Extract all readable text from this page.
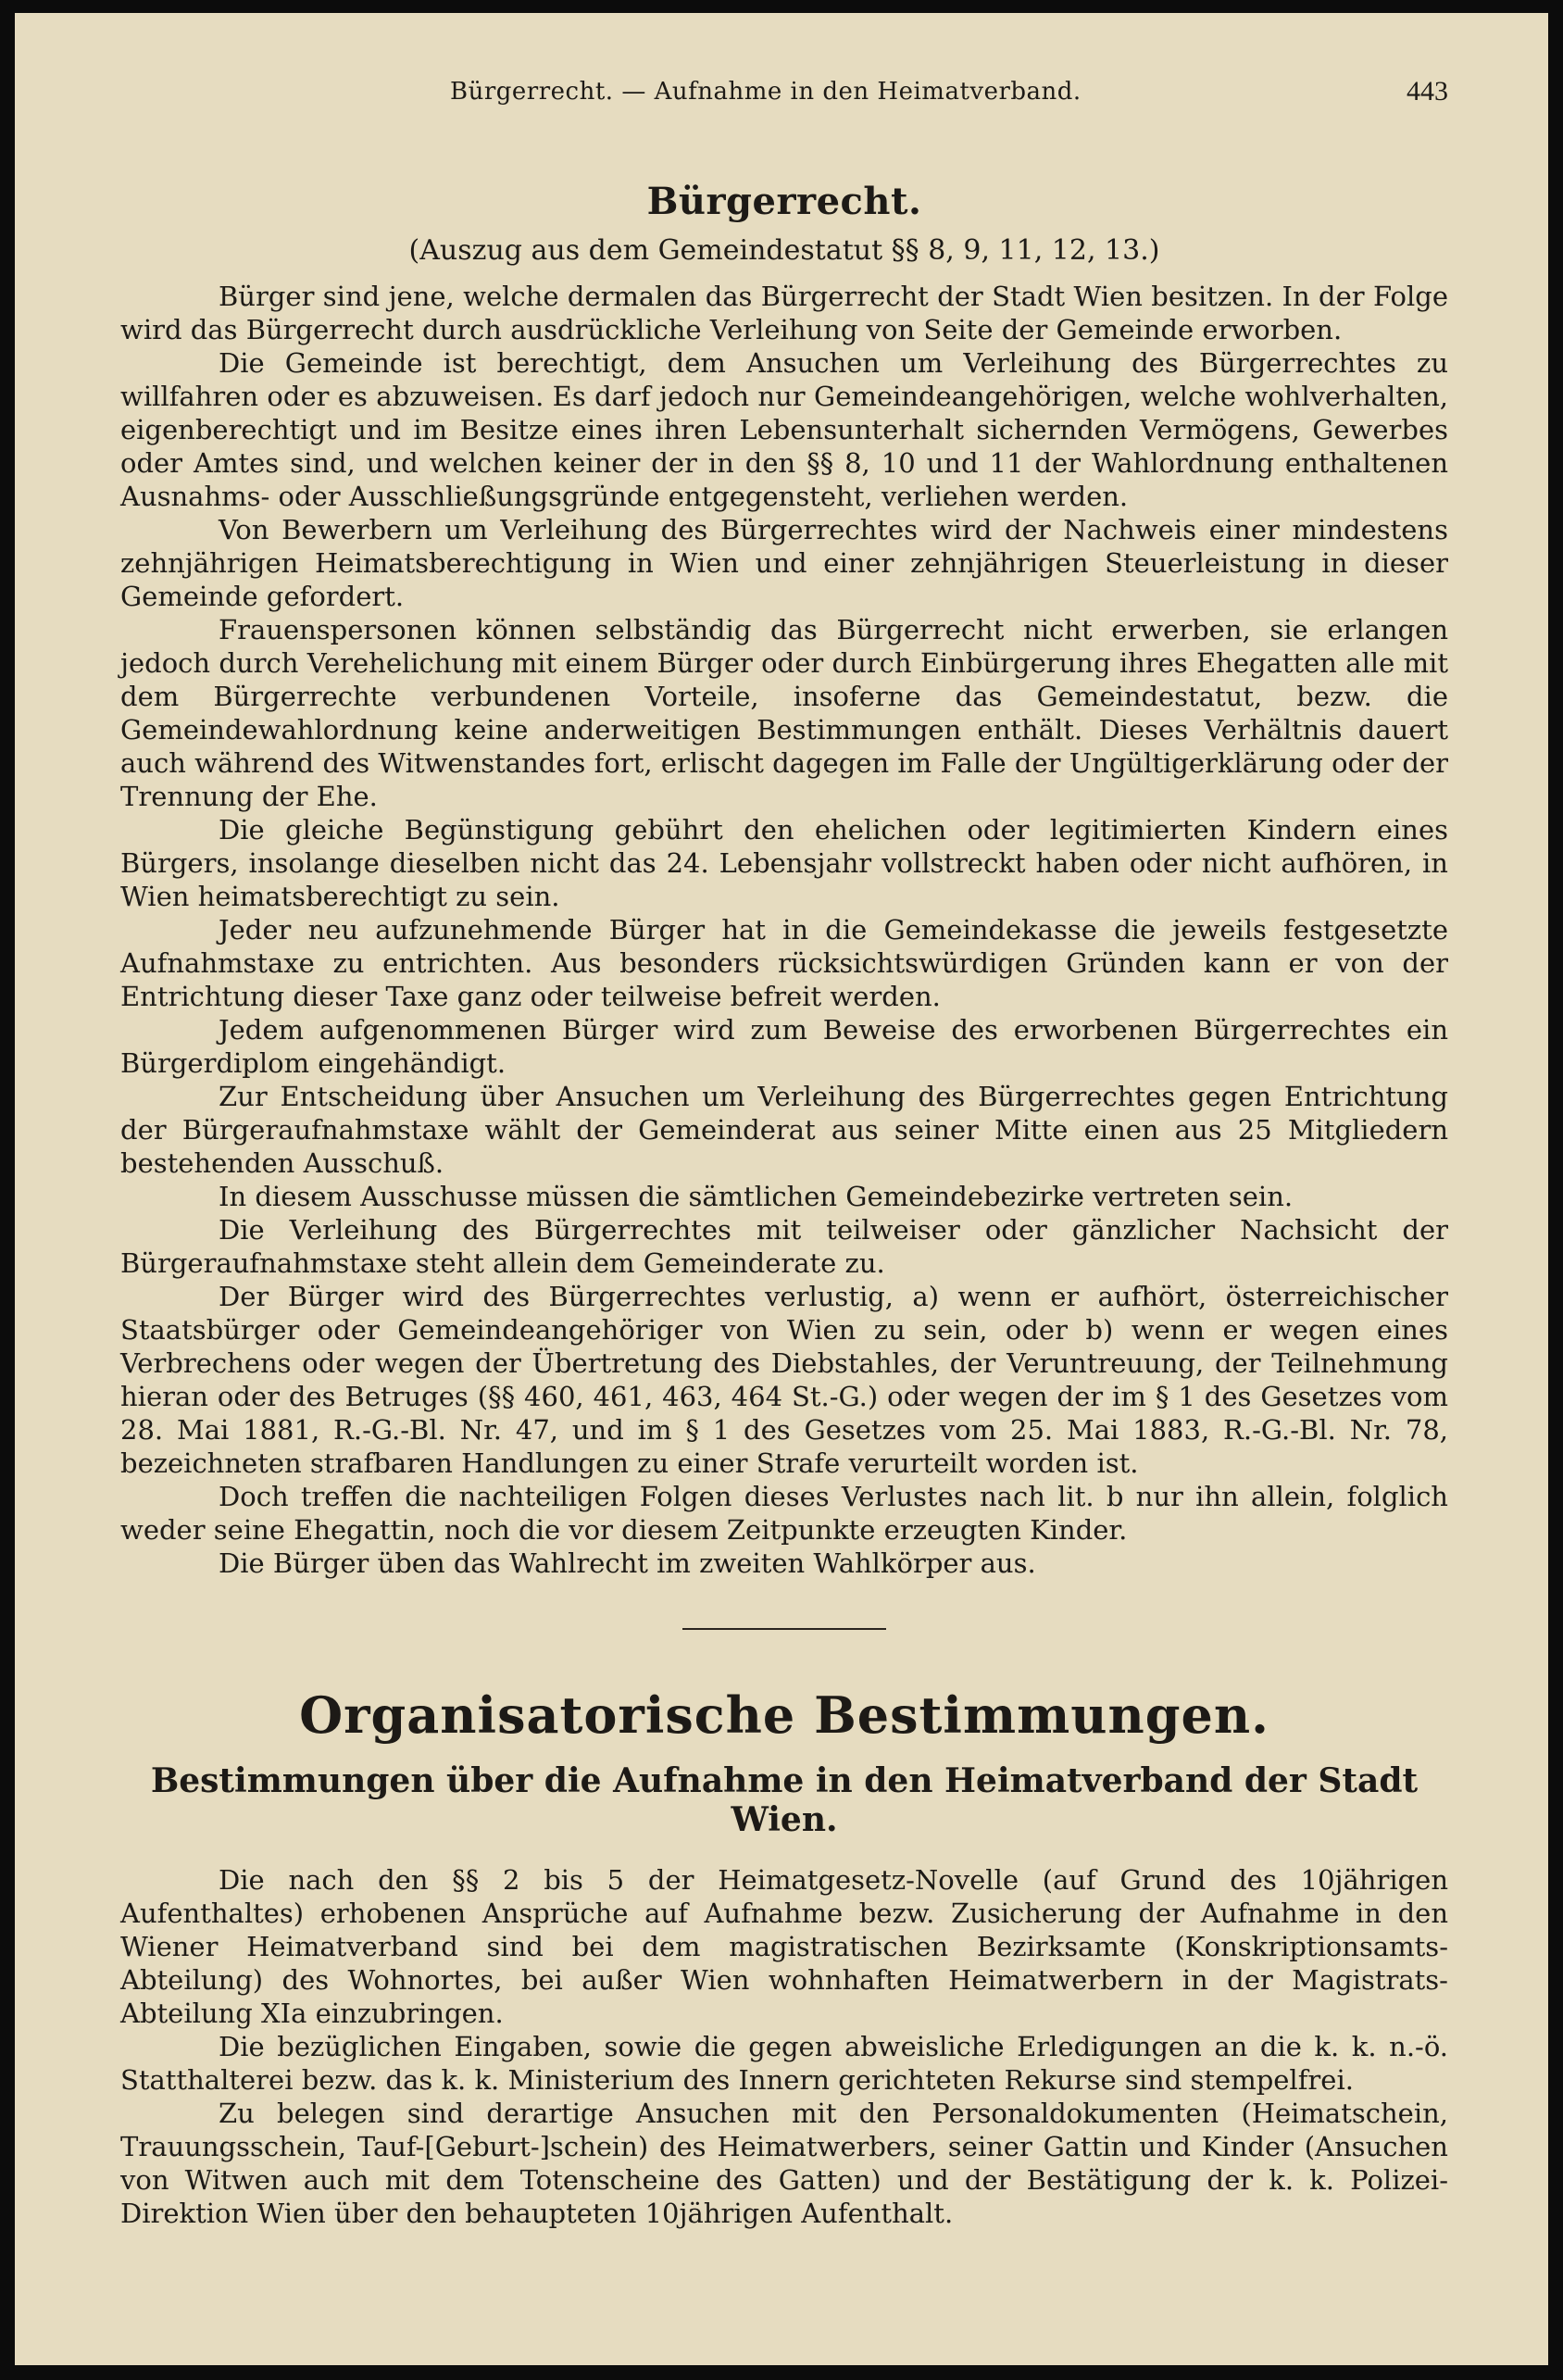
Bürgerrecht. — Aufnahme in den Heimatverband.	443
Bürgerrecht.
(Auszug aus dem Gemeindestatut §§ 8, 9, 11, 12, 13.)

Bürger sind jene, welche dermalen das Bürgerrecht der Stadt Wien besitzen. In der Folge wird das Bürgerrecht durch ausdrückliche Verleihung von Seite der Gemeinde erworben.

Die Gemeinde ist berechtigt, dem Ansuchen um Verleihung des Bürgerrechtes zu willfahren oder es abzuweisen. Es darf jedoch nur Gemeindeangehörigen, welche wohlverhalten, eigenberechtigt und im Besitze eines ihren Lebensunterhalt sichernden Vermögens, Gewerbes oder Amtes sind, und welchen keiner der in den §§ 8, 10 und 11 der Wahlordnung enthaltenen Ausnahms- oder Ausschließungsgründe entgegensteht, verliehen werden.

Von Bewerbern um Verleihung des Bürgerrechtes wird der Nachweis einer mindestens zehnjährigen Heimatsberechtigung in Wien und einer zehnjährigen Steuerleistung in dieser Gemeinde gefordert.

Frauenspersonen können selbständig das Bürgerrecht nicht erwerben, sie erlangen jedoch durch Verehelichung mit einem Bürger oder durch Einbürgerung ihres Ehegatten alle mit dem Bürgerrechte verbundenen Vorteile, insoferne das Gemeindestatut, bezw. die Gemeindewahlordnung keine anderweitigen Bestimmungen enthält. Dieses Verhältnis dauert auch während des Witwenstandes fort, erlischt dagegen im Falle der Ungültigerklärung oder der Trennung der Ehe.

Die gleiche Begünstigung gebührt den ehelichen oder legitimierten Kindern eines Bürgers, insolange dieselben nicht das 24. Lebensjahr vollstreckt haben oder nicht aufhören, in Wien heimatsberechtigt zu sein.

Jeder neu aufzunehmende Bürger hat in die Gemeindekasse die jeweils festgesetzte Aufnahmstaxe zu entrichten. Aus besonders rücksichtswürdigen Gründen kann er von der Entrichtung dieser Taxe ganz oder teilweise befreit werden.

Jedem aufgenommenen Bürger wird zum Beweise des erworbenen Bürgerrechtes ein Bürgerdiplom eingehändigt.

Zur Entscheidung über Ansuchen um Verleihung des Bürgerrechtes gegen Entrichtung der Bürgeraufnahmstaxe wählt der Gemeinderat aus seiner Mitte einen aus 25 Mitgliedern bestehenden Ausschuß.

In diesem Ausschusse müssen die sämtlichen Gemeindebezirke vertreten sein.

Die Verleihung des Bürgerrechtes mit teilweiser oder gänzlicher Nachsicht der Bürgeraufnahmstaxe steht allein dem Gemeinderate zu.

Der Bürger wird des Bürgerrechtes verlustig, a) wenn er aufhört, österreichischer Staatsbürger oder Gemeindeangehöriger von Wien zu sein, oder b) wenn er wegen eines Verbrechens oder wegen der Übertretung des Diebstahles, der Veruntreuung, der Teilnehmung hieran oder des Betruges (§§ 460, 461, 463, 464 St.-G.) oder wegen der im § 1 des Gesetzes vom 28. Mai 1881, R.-G.-Bl. Nr. 47, und im § 1 des Gesetzes vom 25. Mai 1883, R.-G.-Bl. Nr. 78, bezeichneten strafbaren Handlungen zu einer Strafe verurteilt worden ist.

Doch treffen die nachteiligen Folgen dieses Verlustes nach lit. b nur ihn allein, folglich weder seine Ehegattin, noch die vor diesem Zeitpunkte erzeugten Kinder.

Die Bürger üben das Wahlrecht im zweiten Wahlkörper aus.

Organisatorische Bestimmungen.
Bestimmungen über die Aufnahme in den Heimatverband der Stadt Wien.

Die nach den §§ 2 bis 5 der Heimatgesetz-Novelle (auf Grund des 10jährigen Aufenthaltes) erhobenen Ansprüche auf Aufnahme bezw. Zusicherung der Aufnahme in den Wiener Heimatverband sind bei dem magistratischen Bezirksamte (Konskriptionsamts-Abteilung) des Wohnortes, bei außer Wien wohnhaften Heimatwerbern in der Magistrats-Abteilung XIa einzubringen.

Die bezüglichen Eingaben, sowie die gegen abweisliche Erledigungen an die k. k. n.-ö. Statthalterei bezw. das k. k. Ministerium des Innern gerichteten Rekurse sind stempelfrei.

Zu belegen sind derartige Ansuchen mit den Personaldokumenten (Heimatschein, Trauungsschein, Tauf-[Geburt-]schein) des Heimatwerbers, seiner Gattin und Kinder (Ansuchen von Witwen auch mit dem Totenscheine des Gatten) und der Bestätigung der k. k. Polizei-Direktion Wien über den behaupteten 10jährigen Aufenthalt.
